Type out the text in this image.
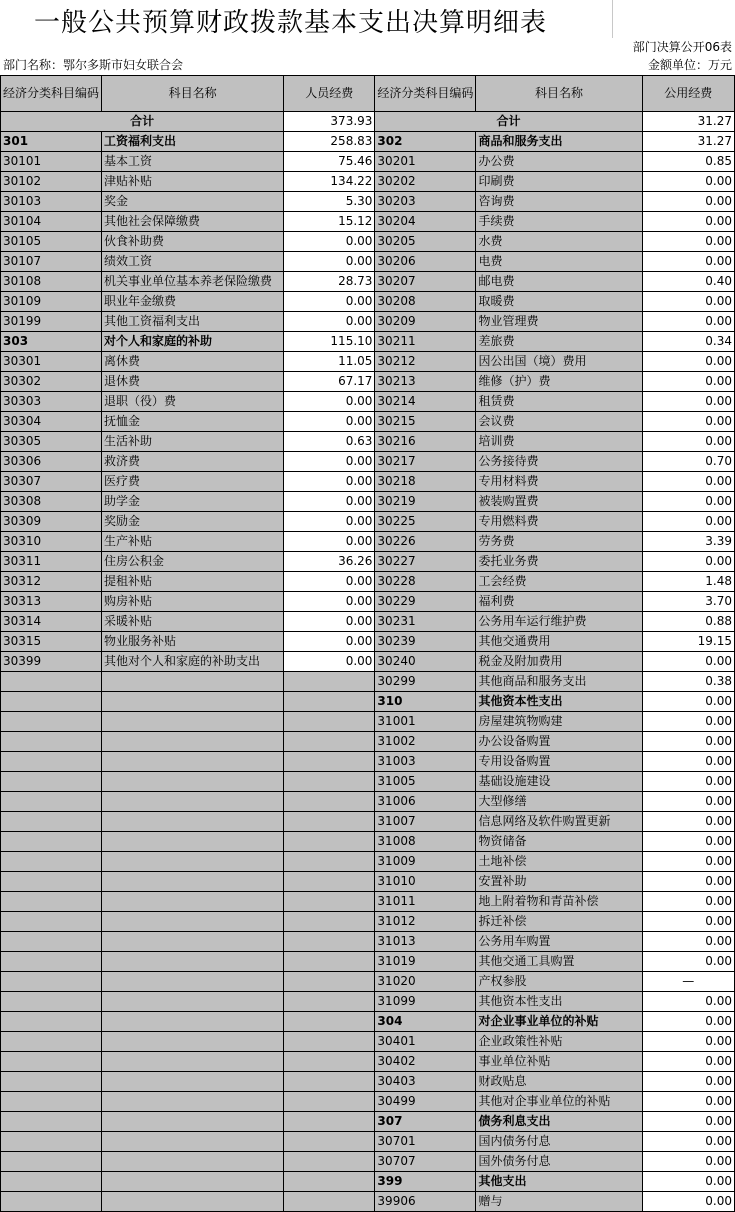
一般公共预算财政拨款基本支出决算明细表
部门决算公开06表
部门名称：鄂尔多斯市妇女联合会	金额单位：万元
经济分类科目编码	科目名称	人员经费	经济分类科目编码	科目名称	公用经费
合计		373.93	合计		31.27
301	工资福利支出	258.83	302	商品和服务支出	31.27
30101	基本工资	75.46	30201	办公费	0.85
30102	津贴补贴	134.22	30202	印刷费	0.00
30103	奖金	5.30	30203	咨询费	0.00
30104	其他社会保障缴费	15.12	30204	手续费	0.00
30105	伙食补助费	0.00	30205	水费	0.00
30107	绩效工资	0.00	30206	电费	0.00
30108	机关事业单位基本养老保险缴费	28.73	30207	邮电费	0.40
30109	职业年金缴费	0.00	30208	取暖费	0.00
30199	其他工资福利支出	0.00	30209	物业管理费	0.00
303	对个人和家庭的补助	115.10	30211	差旅费	0.34
30301	离休费	11.05	30212	因公出国（境）费用	0.00
30302	退休费	67.17	30213	维修（护）费	0.00
30303	退职（役）费	0.00	30214	租赁费	0.00
30304	抚恤金	0.00	30215	会议费	0.00
30305	生活补助	0.63	30216	培训费	0.00
30306	救济费	0.00	30217	公务接待费	0.70
30307	医疗费	0.00	30218	专用材料费	0.00
30308	助学金	0.00	30219	被装购置费	0.00
30309	奖励金	0.00	30225	专用燃料费	0.00
30310	生产补贴	0.00	30226	劳务费	3.39
30311	住房公积金	36.26	30227	委托业务费	0.00
30312	提租补贴	0.00	30228	工会经费	1.48
30313	购房补贴	0.00	30229	福利费	3.70
30314	采暖补贴	0.00	30231	公务用车运行维护费	0.88
30315	物业服务补贴	0.00	30239	其他交通费用	19.15
30399	其他对个人和家庭的补助支出	0.00	30240	税金及附加费用	0.00
			30299	其他商品和服务支出	0.38
			310	其他资本性支出	0.00
			31001	房屋建筑物购建	0.00
			31002	办公设备购置	0.00
			31003	专用设备购置	0.00
			31005	基础设施建设	0.00
			31006	大型修缮	0.00
			31007	信息网络及软件购置更新	0.00
			31008	物资储备	0.00
			31009	土地补偿	0.00
			31010	安置补助	0.00
			31011	地上附着物和青苗补偿	0.00
			31012	拆迁补偿	0.00
			31013	公务用车购置	0.00
			31019	其他交通工具购置	0.00
			31020	产权参股	—
			31099	其他资本性支出	0.00
			304	对企业事业单位的补贴	0.00
			30401	企业政策性补贴	0.00
			30402	事业单位补贴	0.00
			30403	财政贴息	0.00
			30499	其他对企事业单位的补贴	0.00
			307	债务利息支出	0.00
			30701	国内债务付息	0.00
			30707	国外债务付息	0.00
			399	其他支出	0.00
			39906	赠与	0.00
